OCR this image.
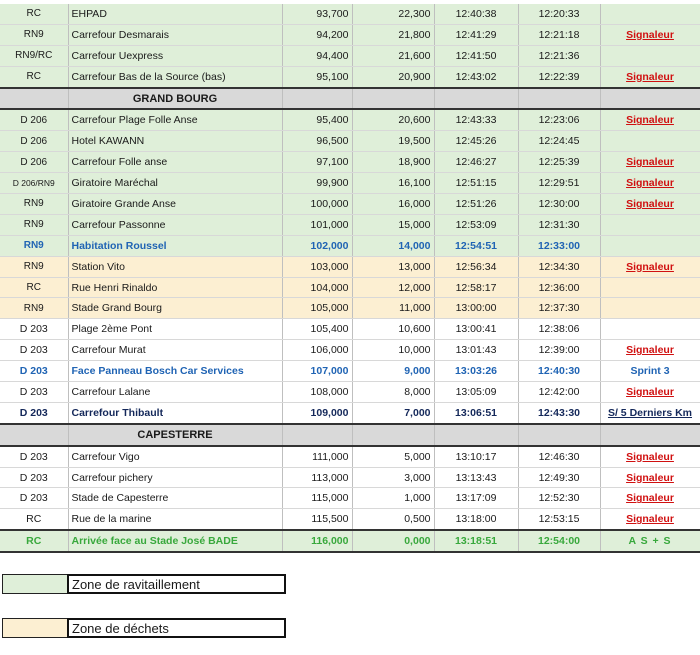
RC	EHPAD	93,700	22,300	12:40:38	12:20:33	
RN9	Carrefour Desmarais	94,200	21,800	12:41:29	12:21:18	Signaleur
RN9/RC	Carrefour Uexpress	94,400	21,600	12:41:50	12:21:36	
RC	Carrefour Bas de la Source (bas)	95,100	20,900	12:43:02	12:22:39	Signaleur
	GRAND BOURG					
D 206	Carrefour Plage Folle Anse	95,400	20,600	12:43:33	12:23:06	Signaleur
D 206	Hotel KAWANN	96,500	19,500	12:45:26	12:24:45	
D 206	Carrefour Folle anse	97,100	18,900	12:46:27	12:25:39	Signaleur
D 206/RN9	Giratoire Maréchal	99,900	16,100	12:51:15	12:29:51	Signaleur
RN9	Giratoire Grande Anse	100,000	16,000	12:51:26	12:30:00	Signaleur
RN9	Carrefour Passonne	101,000	15,000	12:53:09	12:31:30	
RN9	Habitation Roussel	102,000	14,000	12:54:51	12:33:00	
RN9	Station Vito	103,000	13,000	12:56:34	12:34:30	Signaleur
RC	Rue Henri Rinaldo	104,000	12,000	12:58:17	12:36:00	
RN9	Stade Grand Bourg	105,000	11,000	13:00:00	12:37:30	
D 203	Plage 2ème Pont	105,400	10,600	13:00:41	12:38:06	
D 203	Carrefour Murat	106,000	10,000	13:01:43	12:39:00	Signaleur
D 203	Face Panneau Bosch Car Services	107,000	9,000	13:03:26	12:40:30	Sprint 3
D 203	Carrefour Lalane	108,000	8,000	13:05:09	12:42:00	Signaleur
D 203	Carrefour Thibault	109,000	7,000	13:06:51	12:43:30	S/ 5 Derniers Km
	CAPESTERRE					
D 203	Carrefour Vigo	111,000	5,000	13:10:17	12:46:30	Signaleur
D 203	Carrefour pichery	113,000	3,000	13:13:43	12:49:30	Signaleur
D 203	Stade de Capesterre	115,000	1,000	13:17:09	12:52:30	Signaleur
RC	Rue de la marine	115,500	0,500	13:18:00	12:53:15	Signaleur
RC	Arrivée face au Stade José BADE	116,000	0,000	13:18:51	12:54:00	A S + S
Zone de ravitaillement
Zone de déchets
